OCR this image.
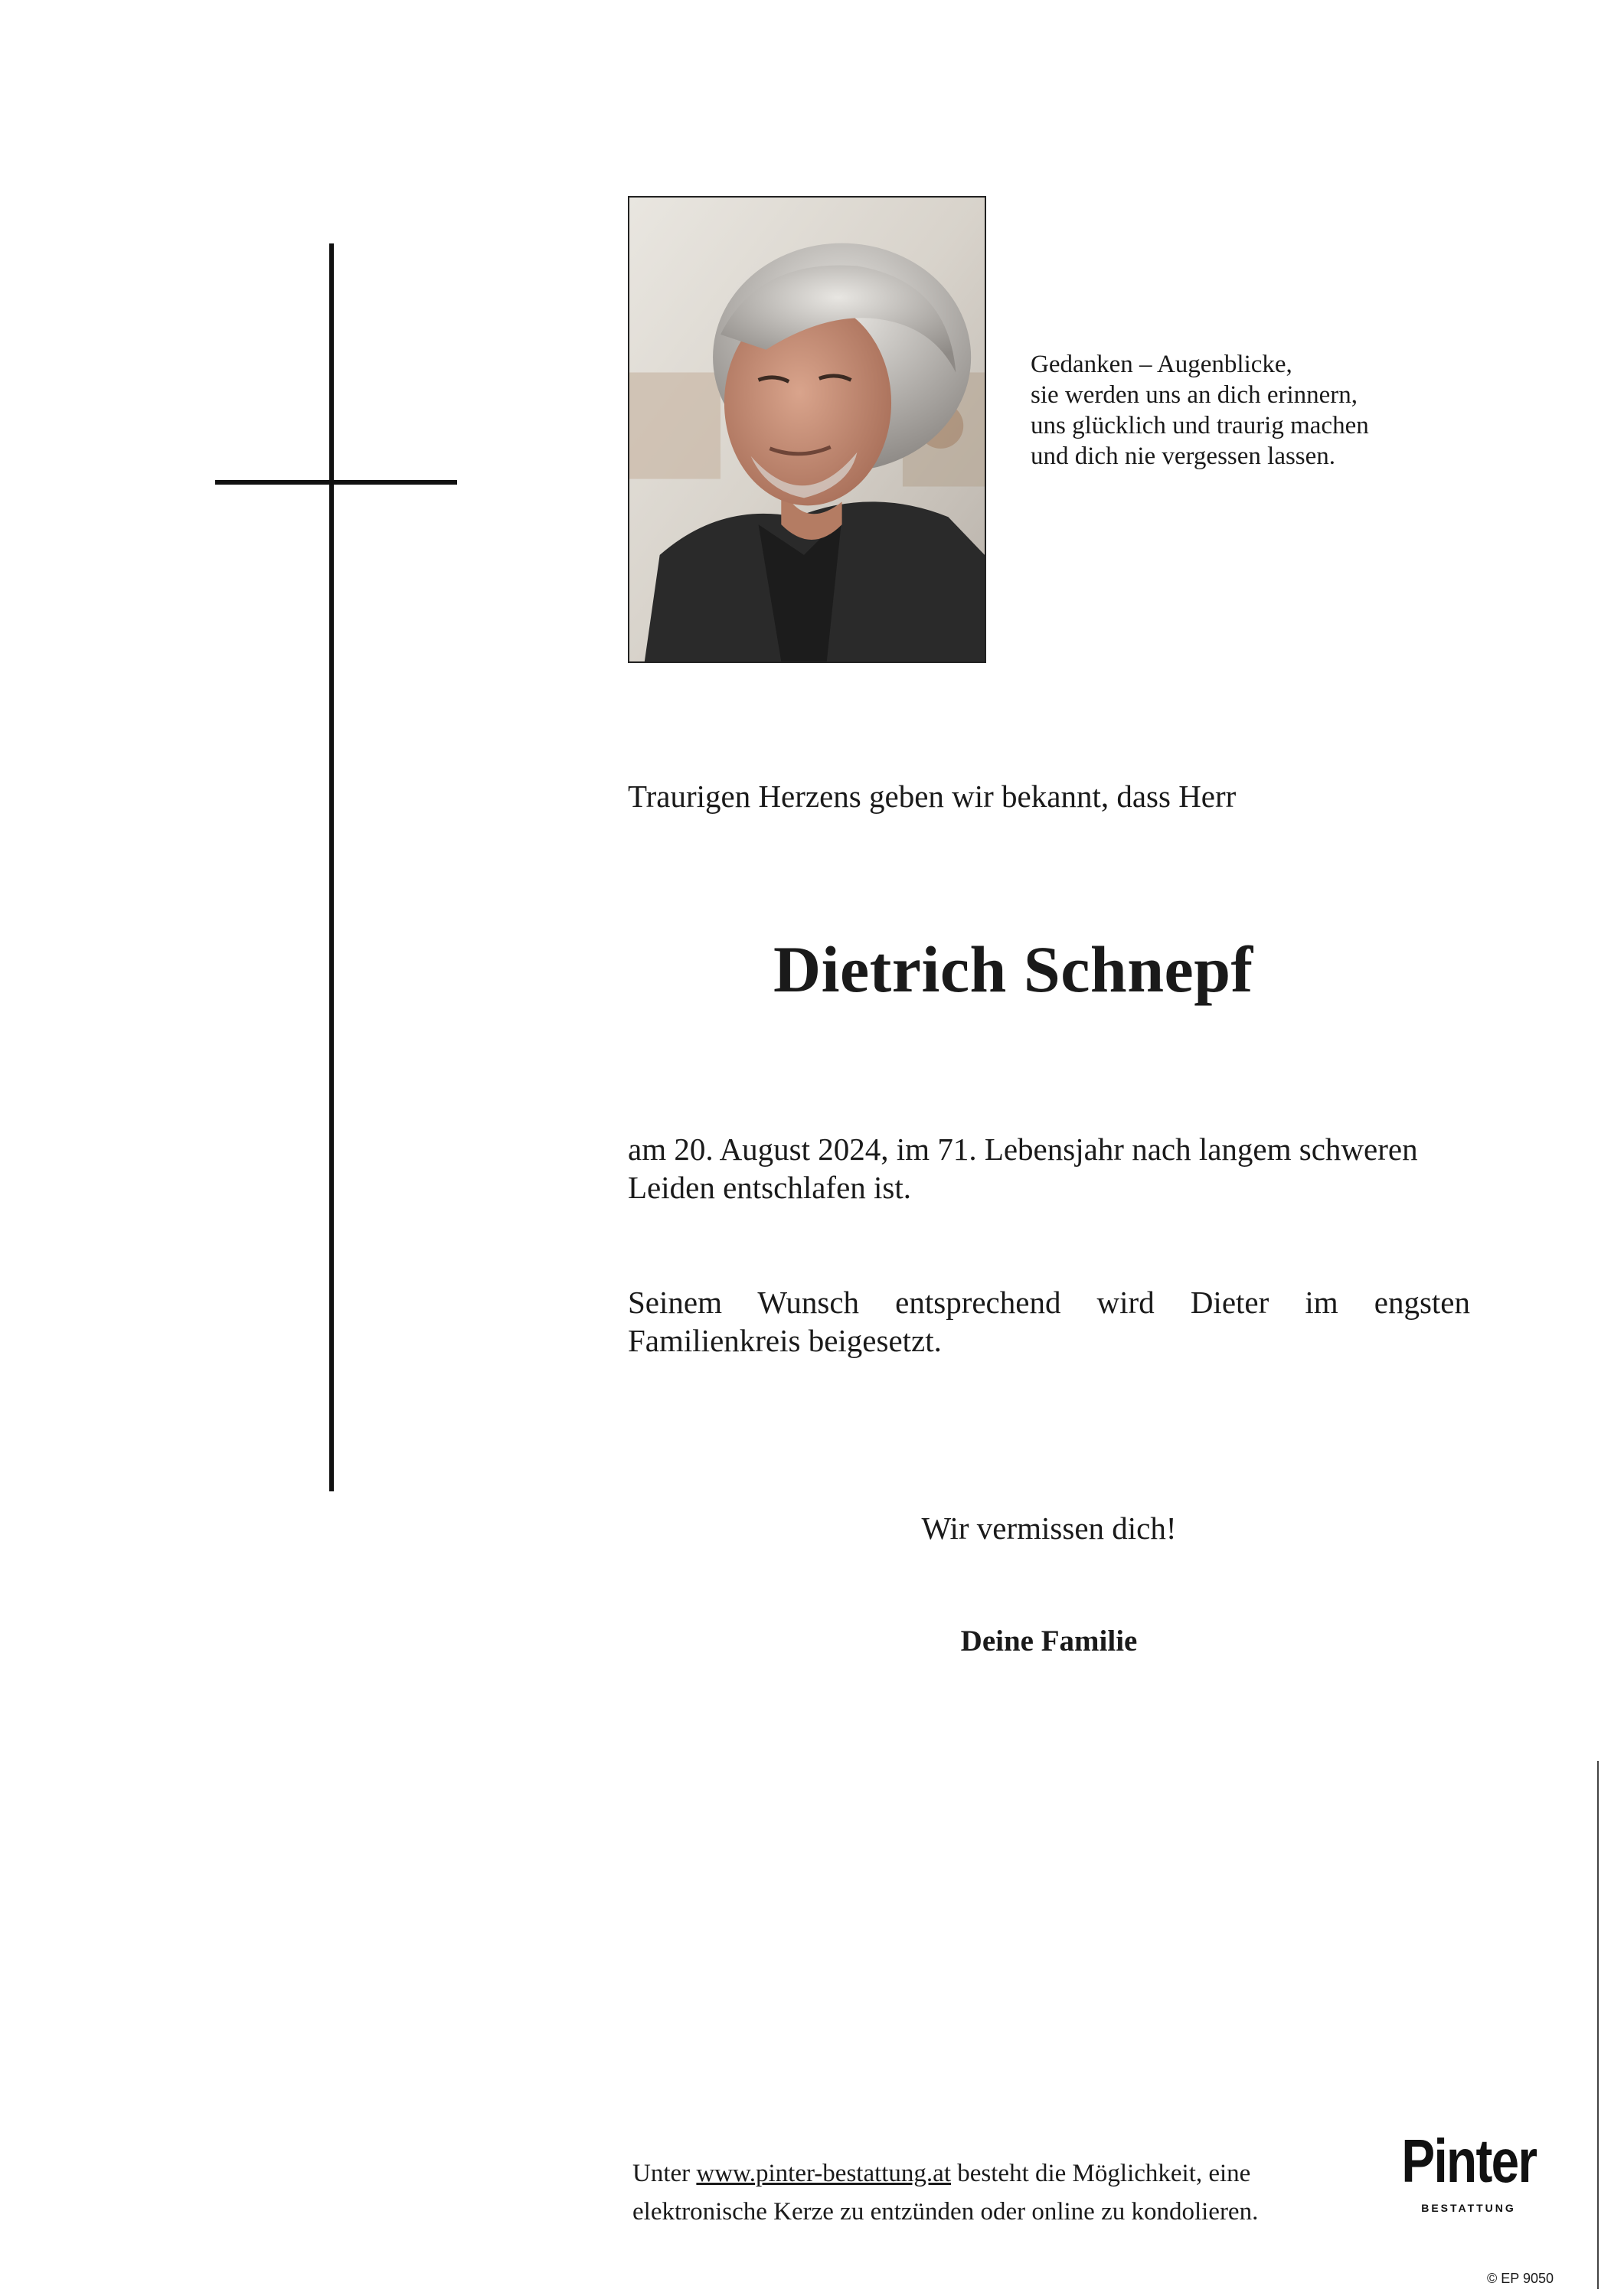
Gedanken – Augenblicke,
sie werden uns an dich erinnern,
uns glücklich und traurig machen
und dich nie vergessen lassen.
Traurigen Herzens geben wir bekannt, dass Herr
Dietrich Schnepf
am 20. August 2024, im 71. Lebensjahr nach langem schweren
Leiden entschlafen ist.
Seinem Wunsch entsprechend wird Dieter im engsten
Familienkreis beigesetzt.
Wir vermissen dich!
Deine Familie
Unter www.pinter-bestattung.at besteht die Möglichkeit, eine
elektronische Kerze zu entzünden oder online zu kondolieren.
Pinter
BESTATTUNG
© EP 9050
